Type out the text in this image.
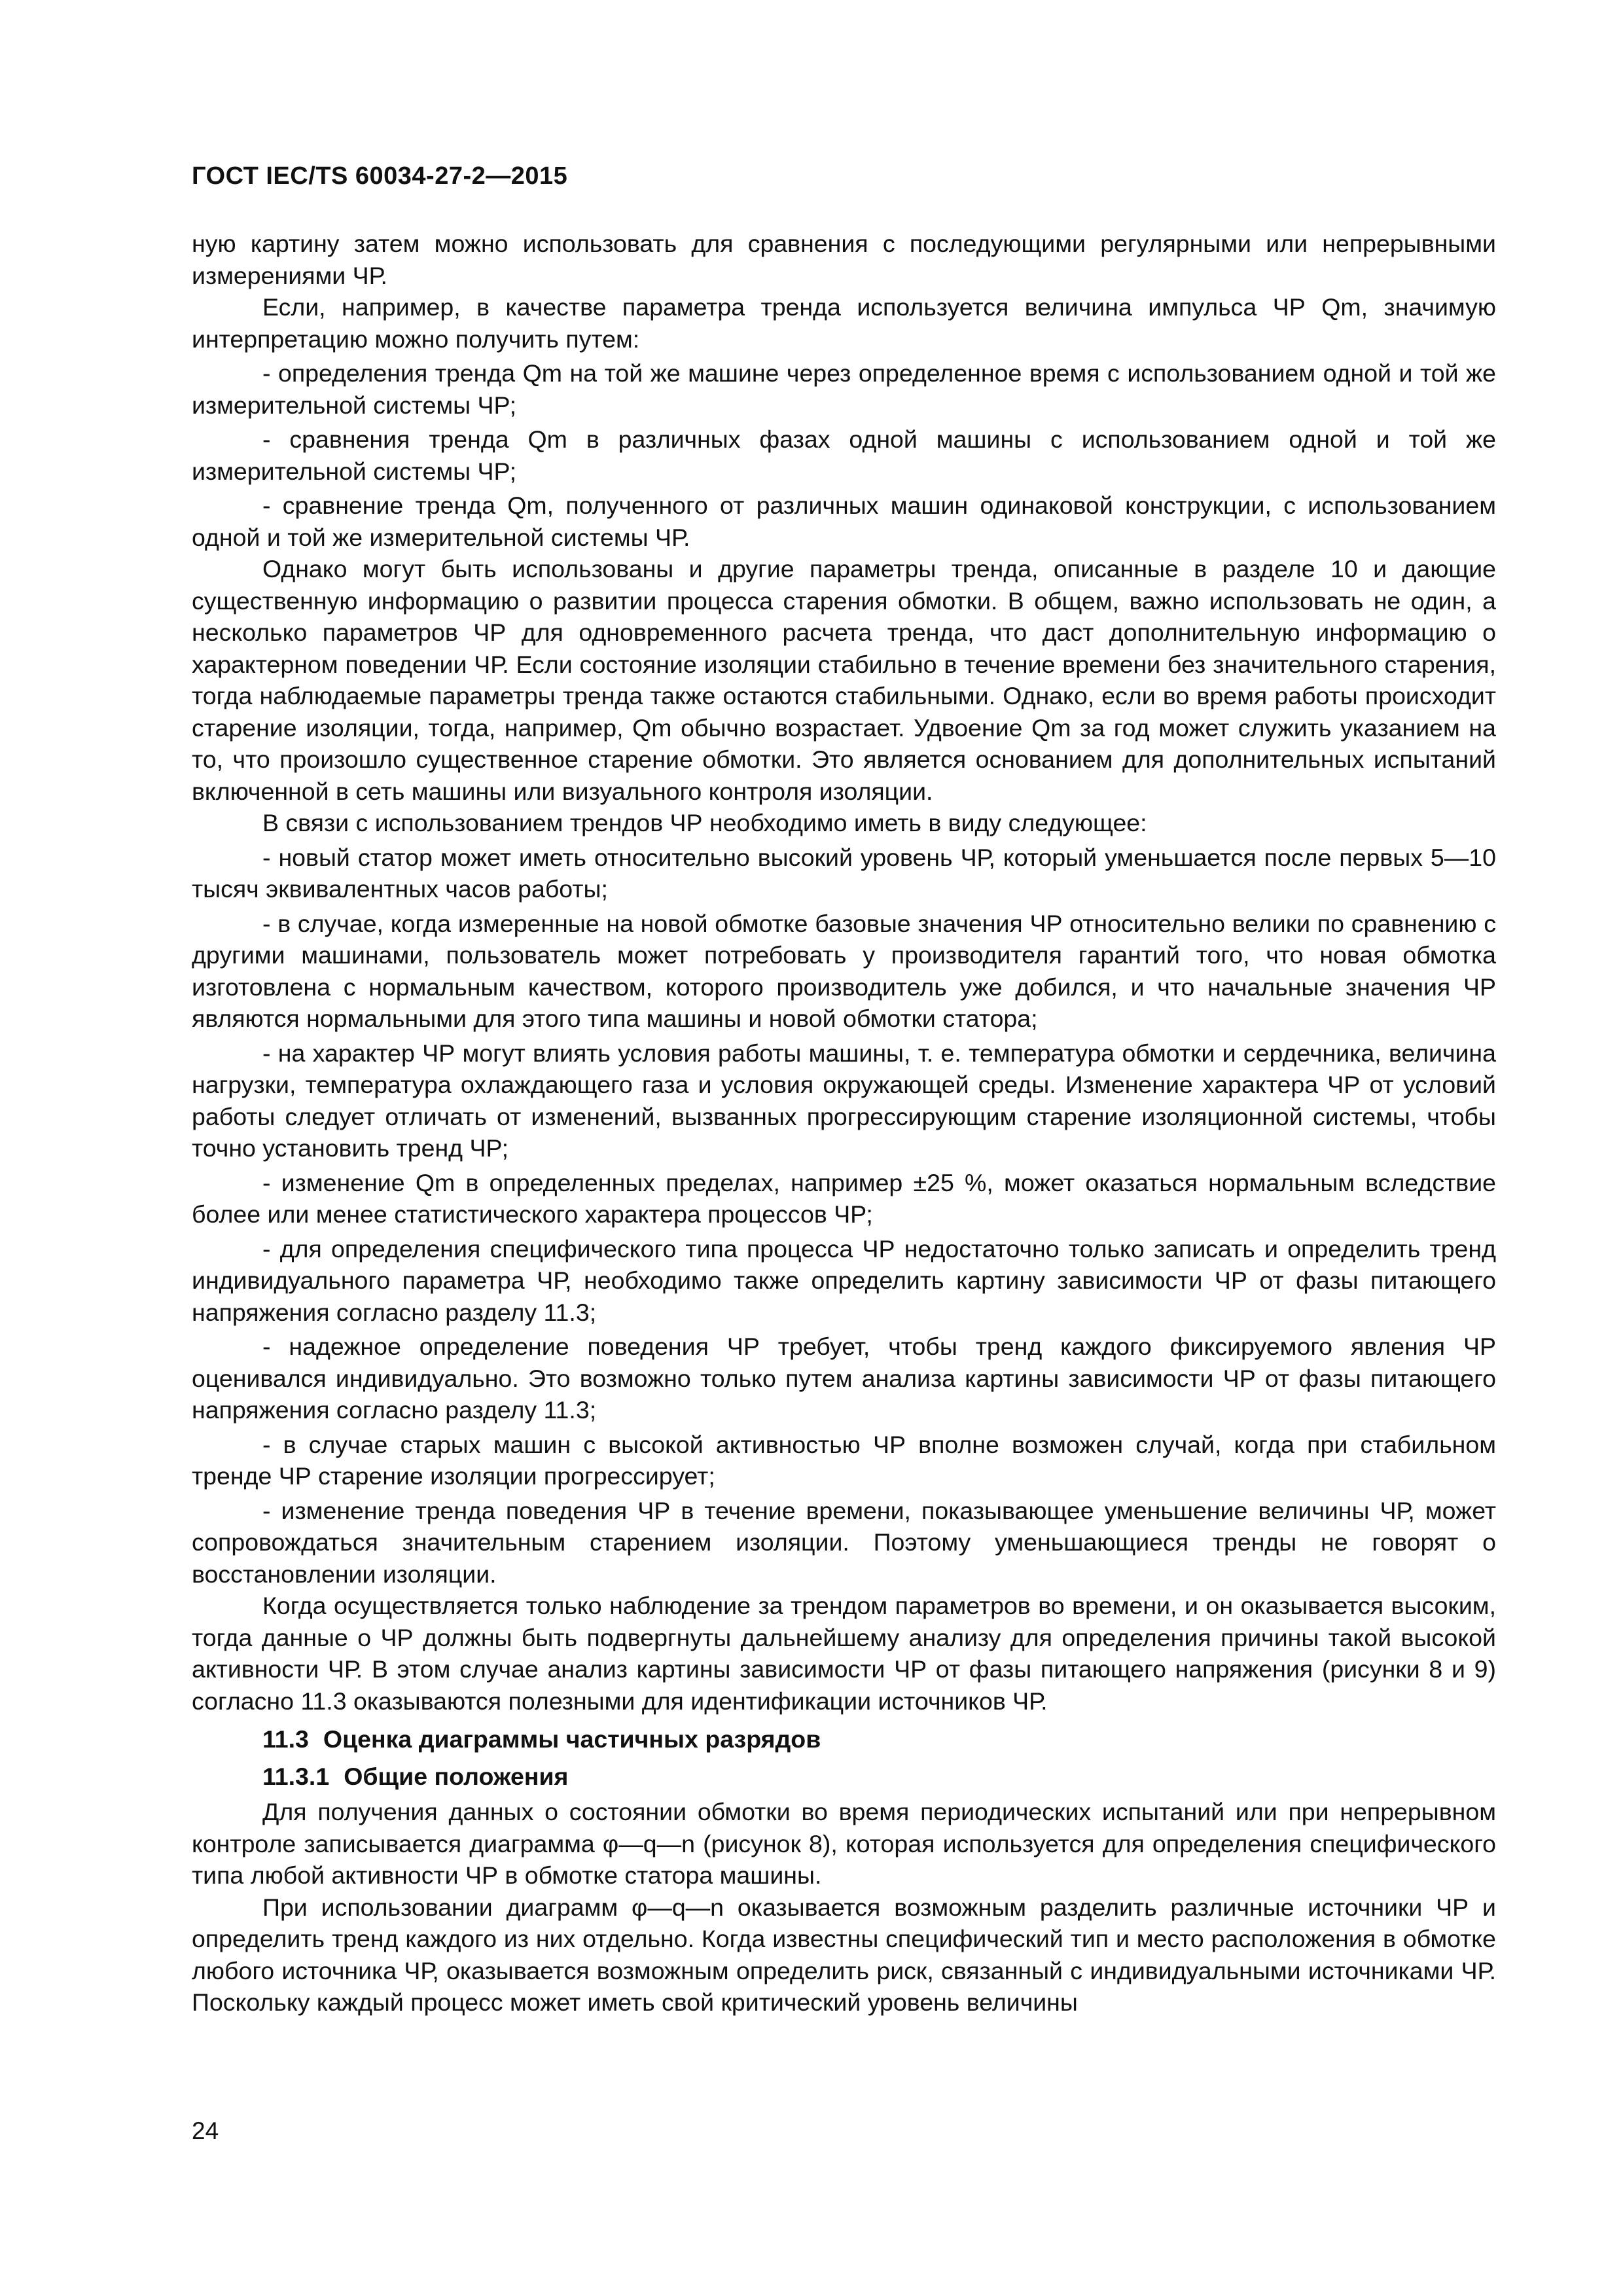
ГОСТ IEC/TS 60034-27-2—2015

ную картину затем можно использовать для сравнения с последующими регулярными или непрерывными измерениями ЧР.

Если, например, в качестве параметра тренда используется величина импульса ЧР Qm, значимую интерпретацию можно получить путем:

- определения тренда Qm на той же машине через определенное время с использованием одной и той же измерительной системы ЧР;

- сравнения тренда Qm в различных фазах одной машины с использованием одной и той же измерительной системы ЧР;

- сравнение тренда Qm, полученного от различных машин одинаковой конструкции, с использованием одной и той же измерительной системы ЧР.

Однако могут быть использованы и другие параметры тренда, описанные в разделе 10 и дающие существенную информацию о развитии процесса старения обмотки. В общем, важно использовать не один, а несколько параметров ЧР для одновременного расчета тренда, что даст дополнительную информацию о характерном поведении ЧР. Если состояние изоляции стабильно в течение времени без значительного старения, тогда наблюдаемые параметры тренда также остаются стабильными. Однако, если во время работы происходит старение изоляции, тогда, например, Qm обычно возрастает. Удвоение Qm за год может служить указанием на то, что произошло существенное старение обмотки. Это является основанием для дополнительных испытаний включенной в сеть машины или визуального контроля изоляции.

В связи с использованием трендов ЧР необходимо иметь в виду следующее:

- новый статор может иметь относительно высокий уровень ЧР, который уменьшается после первых 5—10 тысяч эквивалентных часов работы;

- в случае, когда измеренные на новой обмотке базовые значения ЧР относительно велики по сравнению с другими машинами, пользователь может потребовать у производителя гарантий того, что новая обмотка изготовлена с нормальным качеством, которого производитель уже добился, и что начальные значения ЧР являются нормальными для этого типа машины и новой обмотки статора;

- на характер ЧР могут влиять условия работы машины, т. е. температура обмотки и сердечника, величина нагрузки, температура охлаждающего газа и условия окружающей среды. Изменение характера ЧР от условий работы следует отличать от изменений, вызванных прогрессирующим старение изоляционной системы, чтобы точно установить тренд ЧР;

- изменение Qm в определенных пределах, например ±25 %, может оказаться нормальным вследствие более или менее статистического характера процессов ЧР;

- для определения специфического типа процесса ЧР недостаточно только записать и определить тренд индивидуального параметра ЧР, необходимо также определить картину зависимости ЧР от фазы питающего напряжения согласно разделу 11.3;

- надежное определение поведения ЧР требует, чтобы тренд каждого фиксируемого явления ЧР оценивался индивидуально. Это возможно только путем анализа картины зависимости ЧР от фазы питающего напряжения согласно разделу 11.3;

- в случае старых машин с высокой активностью ЧР вполне возможен случай, когда при стабильном тренде ЧР старение изоляции прогрессирует;

- изменение тренда поведения ЧР в течение времени, показывающее уменьшение величины ЧР, может сопровождаться значительным старением изоляции. Поэтому уменьшающиеся тренды не говорят о восстановлении изоляции.

Когда осуществляется только наблюдение за трендом параметров во времени, и он оказывается высоким, тогда данные о ЧР должны быть подвергнуты дальнейшему анализу для определения причины такой высокой активности ЧР. В этом случае анализ картины зависимости ЧР от фазы питающего напряжения (рисунки 8 и 9) согласно 11.3 оказываются полезными для идентификации источников ЧР.

11.3 Оценка диаграммы частичных разрядов
11.3.1 Общие положения

Для получения данных о состоянии обмотки во время периодических испытаний или при непрерывном контроле записывается диаграмма φ—q—n (рисунок 8), которая используется для определения специфического типа любой активности ЧР в обмотке статора машины.

При использовании диаграмм φ—q—n оказывается возможным разделить различные источники ЧР и определить тренд каждого из них отдельно. Когда известны специфический тип и место расположения в обмотке любого источника ЧР, оказывается возможным определить риск, связанный с индивидуальными источниками ЧР. Поскольку каждый процесс может иметь свой критический уровень величины

24
